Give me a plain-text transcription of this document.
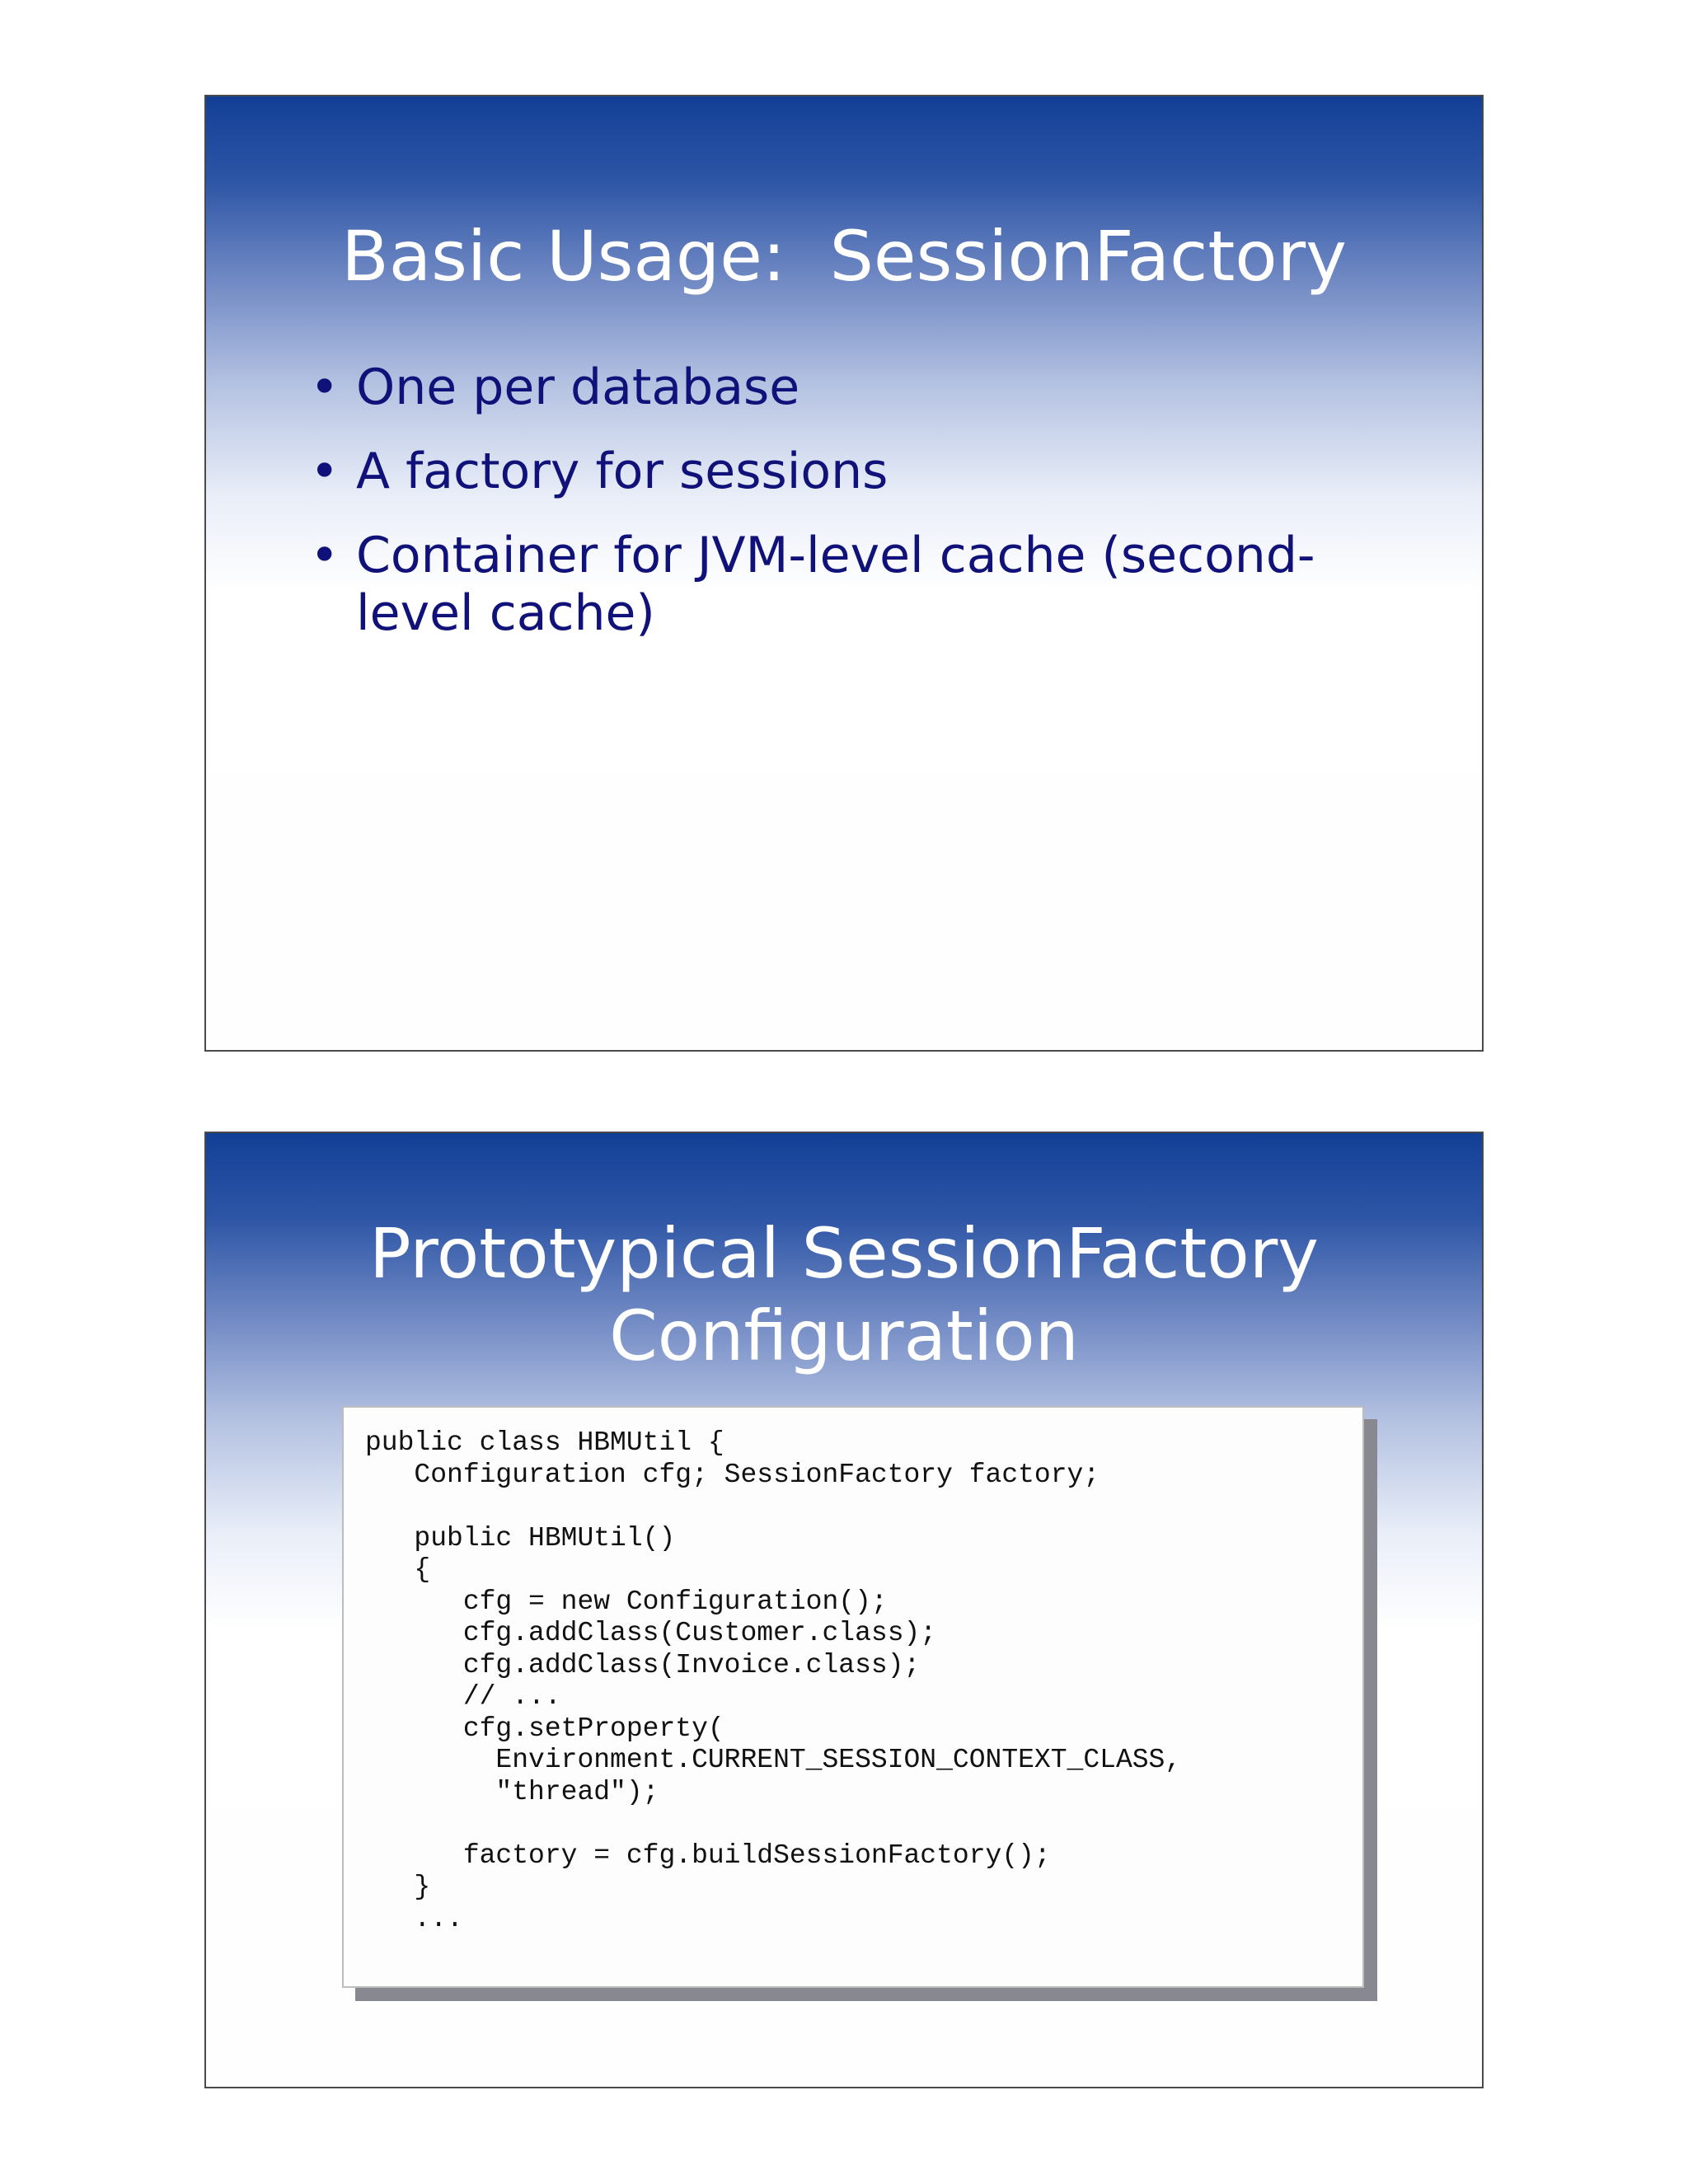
Basic Usage:  SessionFactory
• One per database
• A factory for sessions
• Container for JVM-level cache (second-level cache)
Prototypical SessionFactory
Configuration
public class HBMUtil {
Configuration cfg; SessionFactory factory;
public HBMUtil()
{
cfg = new Configuration();
cfg.addClass(Customer.class);
cfg.addClass(Invoice.class);
// ...
cfg.setProperty(
Environment.CURRENT_SESSION_CONTEXT_CLASS,
"thread");
factory = cfg.buildSessionFactory();
}
...
